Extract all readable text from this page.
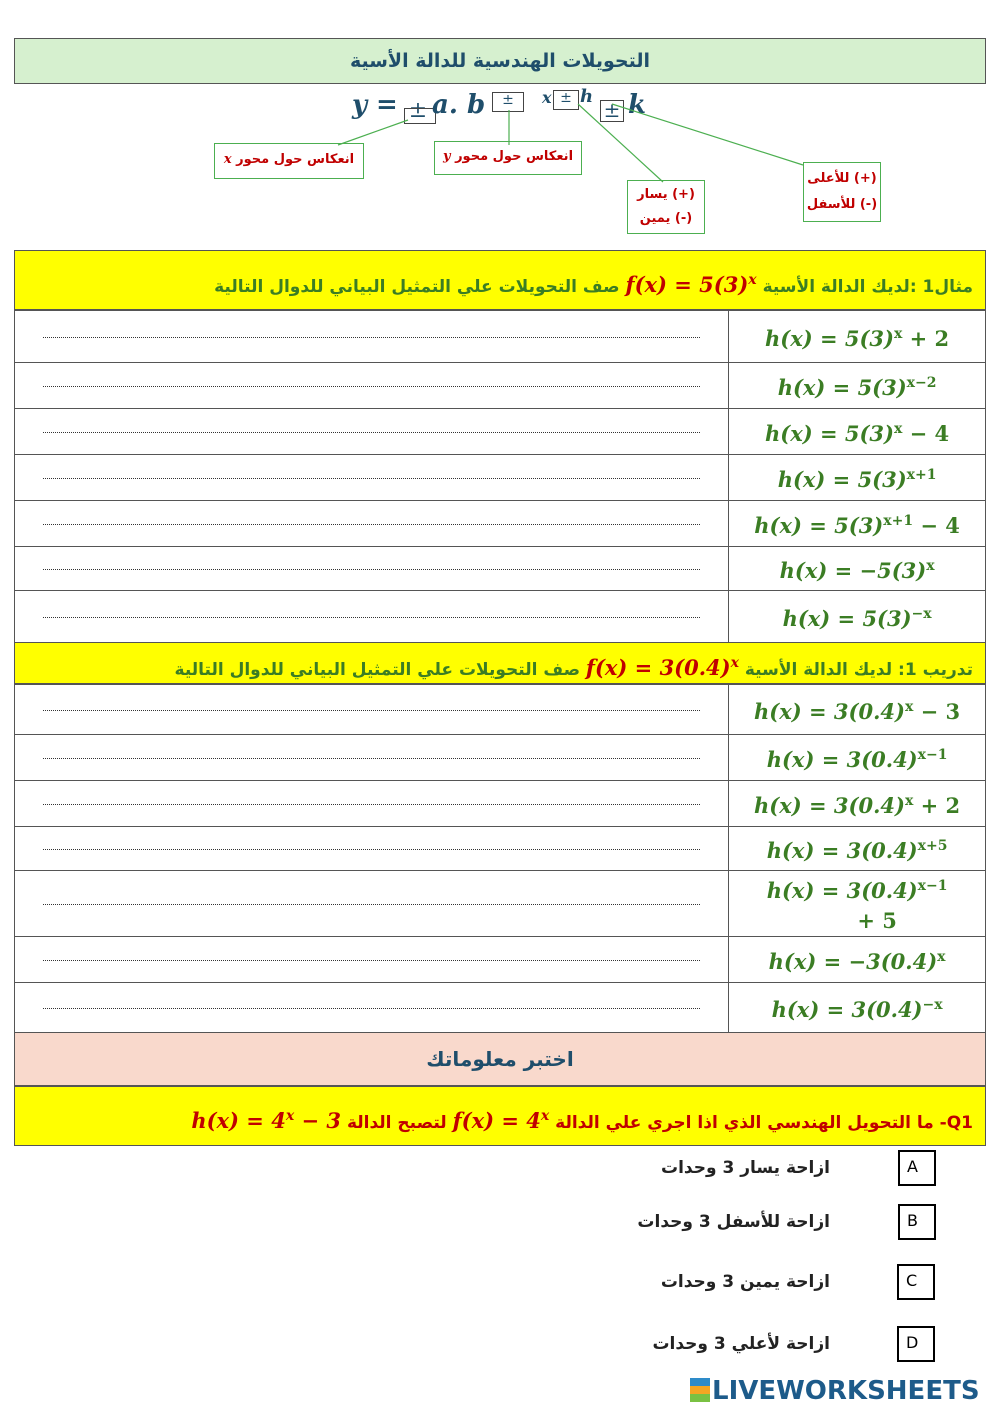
التحويلات الهندسية للدالة الأسية
y = ± a. b	±	x ± h
± k
انعكاس حول محور x	انعكاس حول محور y
(+) يسار
(-) يمين
(+) للأعلى
(-) للأسفل
مثال1 :لديك الدالة الأسية $f(x) = 5(3)^x$ صف التحويلات علي التمثيل البياني للدوال التالية
	$h(x) = 5(3)^x + 2$

	$h(x) = 5(3)^{x-2}$

	$h(x) = 5(3)^x - 4$

	$h(x) = 5(3)^{x+1}$

	$h(x) = 5(3)^{x+1} - 4$

	$h(x) = -5(3)^x$

	$h(x) = 5(3)^{-x}$
تدريب 1: لديك الدالة الأسية $f(x) = 3(0.4)^x$ صف التحويلات علي التمثيل البياني للدوال التالية
	$h(x) = 3(0.4)^x - 3$

	$h(x) = 3(0.4)^{x-1}$

	$h(x) = 3(0.4)^x + 2$

	$h(x) = 3(0.4)^{x+5}$

	$h(x) = 3(0.4)^{x-1}$
+ 5

	$h(x) = -3(0.4)^x$

	$h(x) = 3(0.4)^{-x}$
اختبر معلوماتك
Q1- ما التحويل الهندسي الذي اذا اجري علي الدالة $f(x) = 4^x$ لتصبح الدالة $h(x) = 4^x - 3$
A
ازاحة يسار 3 وحدات
B
ازاحة للأسفل 3 وحدات
C
ازاحة يمين 3 وحدات
D
ازاحة لأعلي 3 وحدات
LIVEWORKSHEETS
